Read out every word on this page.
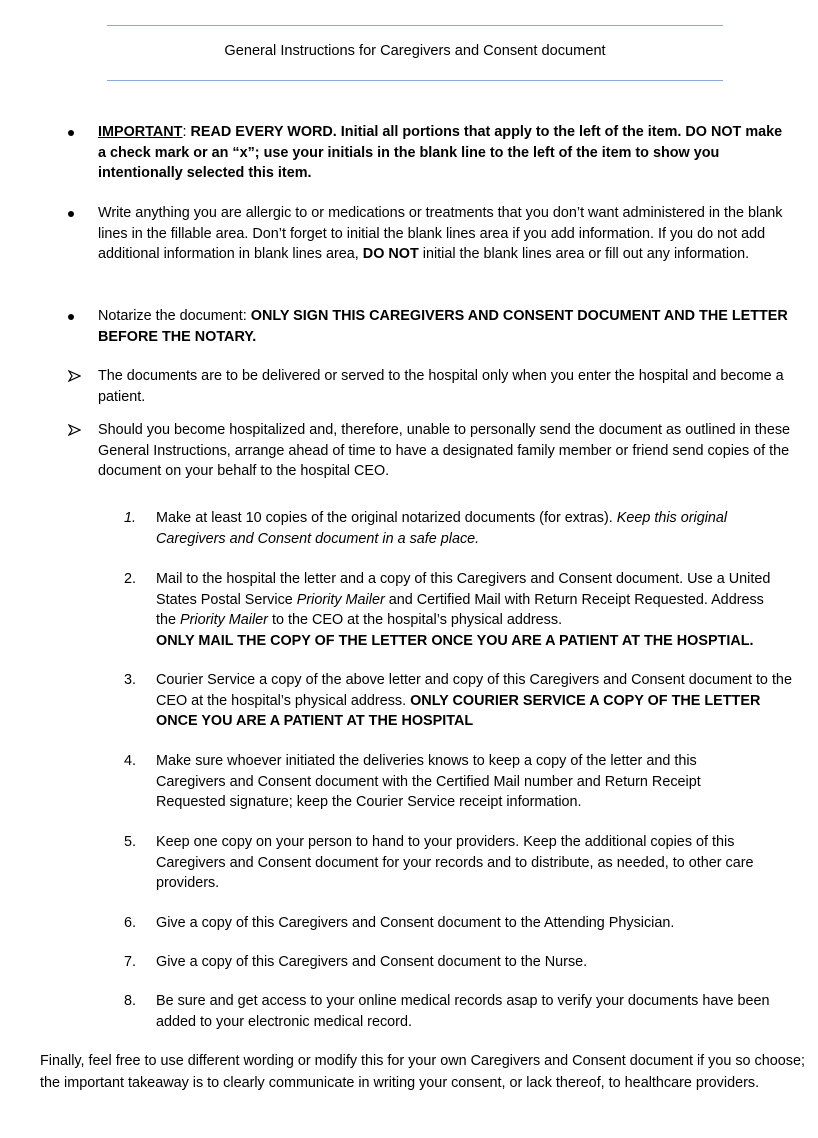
General Instructions for Caregivers and Consent document
IMPORTANT: READ EVERY WORD. Initial all portions that apply to the left of the item. DO NOT make a check mark or an “x”; use your initials in the blank line to the left of the item to show you intentionally selected this item.
Write anything you are allergic to or medications or treatments that you don’t want administered in the blank lines in the fillable area. Don’t forget to initial the blank lines area if you add information. If you do not add additional information in blank lines area, DO NOT initial the blank lines area or fill out any information.
Notarize the document: ONLY SIGN THIS CAREGIVERS AND CONSENT DOCUMENT AND THE LETTER BEFORE THE NOTARY.
The documents are to be delivered or served to the hospital only when you enter the hospital and become a patient.
Should you become hospitalized and, therefore, unable to personally send the document as outlined in these General Instructions, arrange ahead of time to have a designated family member or friend send copies of the document on your behalf to the hospital CEO.
1.	Make at least 10 copies of the original notarized documents (for extras). Keep this original Caregivers and Consent document in a safe place.
2.	Mail to the hospital the letter and a copy of this Caregivers and Consent document. Use a United States Postal Service Priority Mailer and Certified Mail with Return Receipt Requested. Address the Priority Mailer to the CEO at the hospital’s physical address.
ONLY MAIL THE COPY OF THE LETTER ONCE YOU ARE A PATIENT AT THE HOSPTIAL.
3.	Courier Service a copy of the above letter and copy of this Caregivers and Consent document to the CEO at the hospital’s physical address. ONLY COURIER SERVICE A COPY OF THE LETTER ONCE YOU ARE A PATIENT AT THE HOSPITAL
4.	Make sure whoever initiated the deliveries knows to keep a copy of the letter and this Caregivers and Consent document with the Certified Mail number and Return Receipt Requested signature; keep the Courier Service receipt information.
5.	Keep one copy on your person to hand to your providers. Keep the additional copies of this Caregivers and Consent document for your records and to distribute, as needed, to other care providers.
6.	Give a copy of this Caregivers and Consent document to the Attending Physician.
7.	Give a copy of this Caregivers and Consent document to the Nurse.
8.	Be sure and get access to your online medical records asap to verify your documents have been added to your electronic medical record.
Finally, feel free to use different wording or modify this for your own Caregivers and Consent document if you so choose; the important takeaway is to clearly communicate in writing your consent, or lack thereof, to healthcare providers.
